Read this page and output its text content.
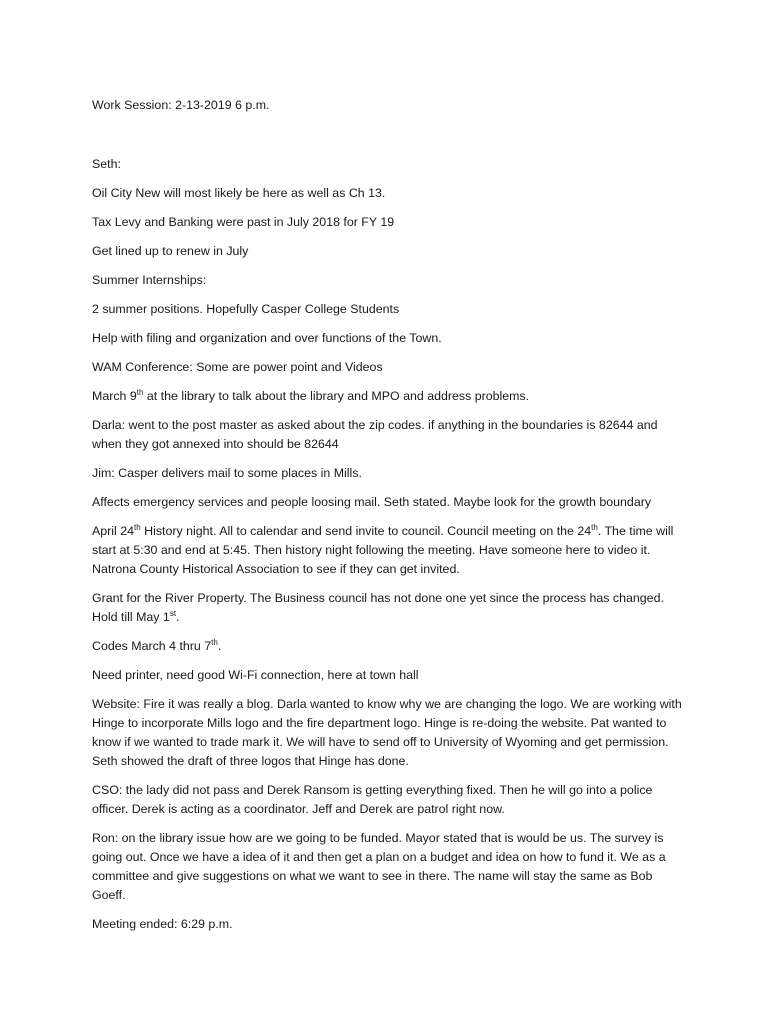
Work Session: 2-13-2019 6 p.m.

Seth:

Oil City New will most likely be here as well as Ch 13.

Tax Levy and Banking were past in July 2018 for FY 19

Get lined up to renew in July

Summer Internships:

2 summer positions. Hopefully Casper College Students

Help with filing and organization and over functions of the Town.

WAM Conference: Some are power point and Videos

March 9th at the library to talk about the library and MPO and address problems.

Darla: went to the post master as asked about the zip codes. if anything in the boundaries is 82644 and when they got annexed into should be 82644

Jim: Casper delivers mail to some places in Mills.

Affects emergency services and people loosing mail. Seth stated. Maybe look for the growth boundary

April 24th History night. All to calendar and send invite to council. Council meeting on the 24th. The time will start at 5:30 and end at 5:45. Then history night following the meeting. Have someone here to video it. Natrona County Historical Association to see if they can get invited.

Grant for the River Property. The Business council has not done one yet since the process has changed. Hold till May 1st.

Codes March 4 thru 7th.

Need printer, need good Wi-Fi connection, here at town hall

Website: Fire it was really a blog. Darla wanted to know why we are changing the logo. We are working with Hinge to incorporate Mills logo and the fire department logo. Hinge is re-doing the website. Pat wanted to know if we wanted to trade mark it. We will have to send off to University of Wyoming and get permission. Seth showed the draft of three logos that Hinge has done.

CSO: the lady did not pass and Derek Ransom is getting everything fixed. Then he will go into a police officer. Derek is acting as a coordinator. Jeff and Derek are patrol right now.

Ron: on the library issue how are we going to be funded. Mayor stated that is would be us. The survey is going out. Once we have a idea of it and then get a plan on a budget and idea on how to fund it. We as a committee and give suggestions on what we want to see in there. The name will stay the same as Bob Goeff.

Meeting ended: 6:29 p.m.
